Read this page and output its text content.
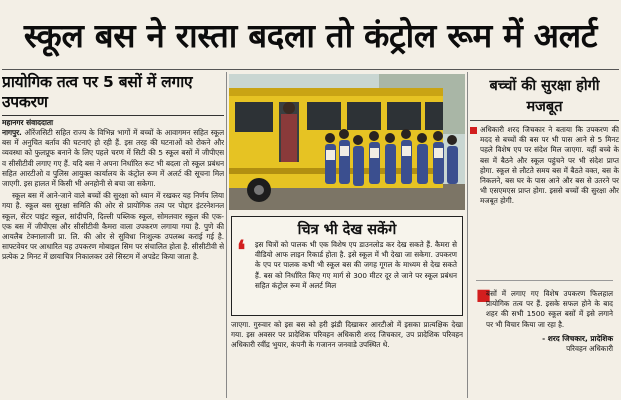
स्कूल बस ने रास्ता बदला तो कंट्रोल रूम में अलर्ट
प्रायोगिक तत्व पर 5 बसों में लगाए उपकरण
महानगर संवाददाता
नागपुर. ऑरेंजसिटी सहित राज्य के विभिन्न भागों में बच्चों के आवागमन सहित स्कूल बस में अनुचित बर्ताव की घटनाएं हो रही हैं. इस तरह की घटनाओं को रोकने और व्यवस्था को फुलप्रूफ बनाने के लिए पहले चरण में सिटी की 5 स्कूल बसों में जीपीएस व सीसीटीवी लगाए गए हैं. यदि बस ने अपना निर्धारित रूट भी बदला तो स्कूल प्रबंधन सहित आरटीओ व पुलिस आयुक्त कार्यालय के कंट्रोल रूम में अलर्ट की सूचना मिल जाएगी. इस हालत में किसी भी अनहोनी से बचा जा सकेगा.
स्कूल बस में आने-जाने वाले बच्चों की सुरक्षा को ध्यान में रखकर यह निर्णय लिया गया है. स्कूल बस सुरक्षा समिति की ओर से प्रायोगिक तत्व पर पोद्दार इंटरनेशनल स्कूल, सेंटर पाइंट स्कूल, सांदीपनि, दिल्ली पब्लिक स्कूल, सोमलवार स्कूल की एक-एक बस में जीपीएस और सीसीटीवी कैमरा वाला उपकरण लगाया गया है. पुणे की आयलैब टेक्नालाजी प्रा. लि. की ओर से सुविधा निःशुल्क उपलब्ध कराई गई है. साफ्टवेयर पर आधारित यह उपकरण मोबाइल सिम पर संचालित होता है. सीसीटीवी से प्रत्येक 2 मिनट में छायाचित्र निकालकर उसे सिस्टम में अपडेट किया जाता है.
चित्र भी देख सकेंगे
❛	इस चित्रों को पालक भी एक विशेष एप डाउनलोड कर देख सकते हैं. कैमरा से वीडियो आफ लाइन रिकार्ड होता है. इसे स्कूल में भी देखा जा सकेगा. उपकरण के एप पर पालक कभी भी स्कूल बस की जगह गूगल के माध्यम से देख सकते हैं. बस को निर्धारित किए गए मार्ग से 300 मीटर दूर ले जाने पर स्कूल प्रबंधन सहित कंट्रोल रूम में अलर्ट मिल
जाएगा. गुरुवार को इस बस को हरी झंडी दिखाकर आरटीओ में इसका प्रात्यक्षिक देखा गया. इस अवसर पर प्रादेशिक परिवहन अधिकारी शरद जिचकार, उप प्रादेशिक परिवहन अधिकारी रवींद्र भुयार, कंपनी के गजानन जनवाडे उपस्थित थे.
बच्चों की सुरक्षा होगी मजबूत
अधिकारी शरद जिचकार ने बताया कि उपकरण की मदद से बच्चों की बस पर भी पास आने से 5 मिनट पहले विशेष एप पर संदेश मिल जाएगा. यहीं बच्चे के बस में बैठने और स्कूल पहुंचने पर भी संदेश प्राप्त होगा. स्कूल से लौटते समय बस में बैठते वक्त, बस के निकलने, बस घर के पास आने और बस से उतरने पर भी एसएमएस प्राप्त होगा. इससे बच्चों की सुरक्षा और मजबूत होगी.
■
बसों में लगाए गए विशेष उपकरण फिलहाल प्रायोगिक तत्व पर हैं. इसके सफल होने के बाद शहर की सभी 1500 स्कूल बसों में इसे लगाने पर भी विचार किया जा रहा है.
- शरद जिचकार, प्रादेशिक
परिवहन अधिकारी
